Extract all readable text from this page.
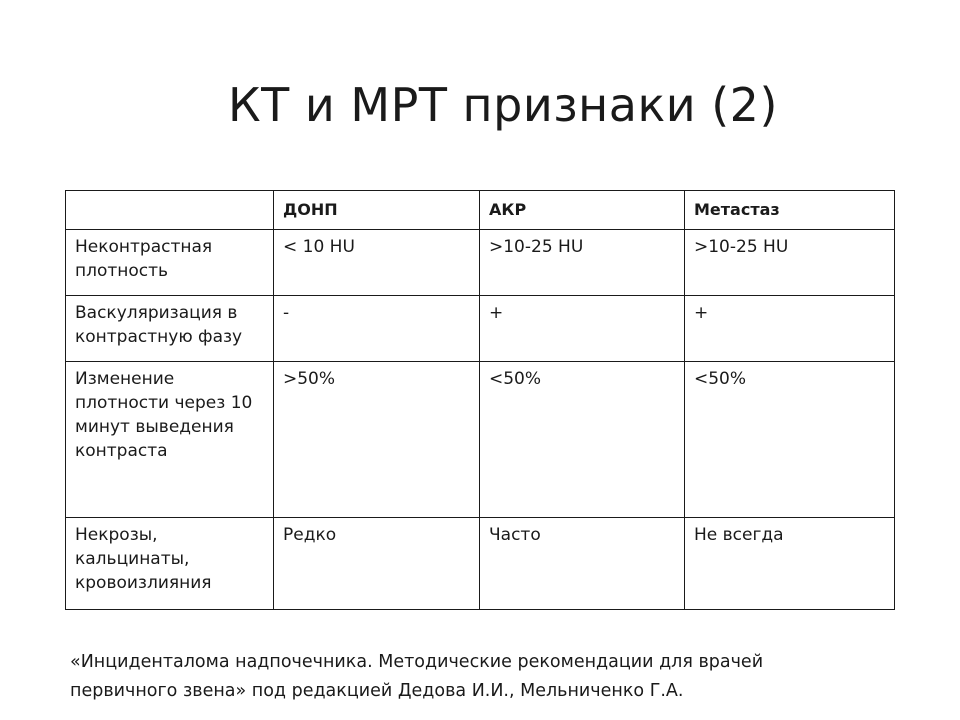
КТ и МРТ признаки (2)
	ДОНП	АКР	Метастаз
Неконтрастная плотность	< 10 HU	>10-25 HU	>10-25 HU
Васкуляризация в контрастную фазу	-	+	+
Изменение плотности через 10 минут выведения контраста	>50%	<50%	<50%
Некрозы, кальцинаты, кровоизлияния	Редко	Часто	Не всегда

«Инциденталома надпочечника. Методические рекомендации для врачей
первичного звена» под редакцией Дедова И.И., Мельниченко Г.А.
